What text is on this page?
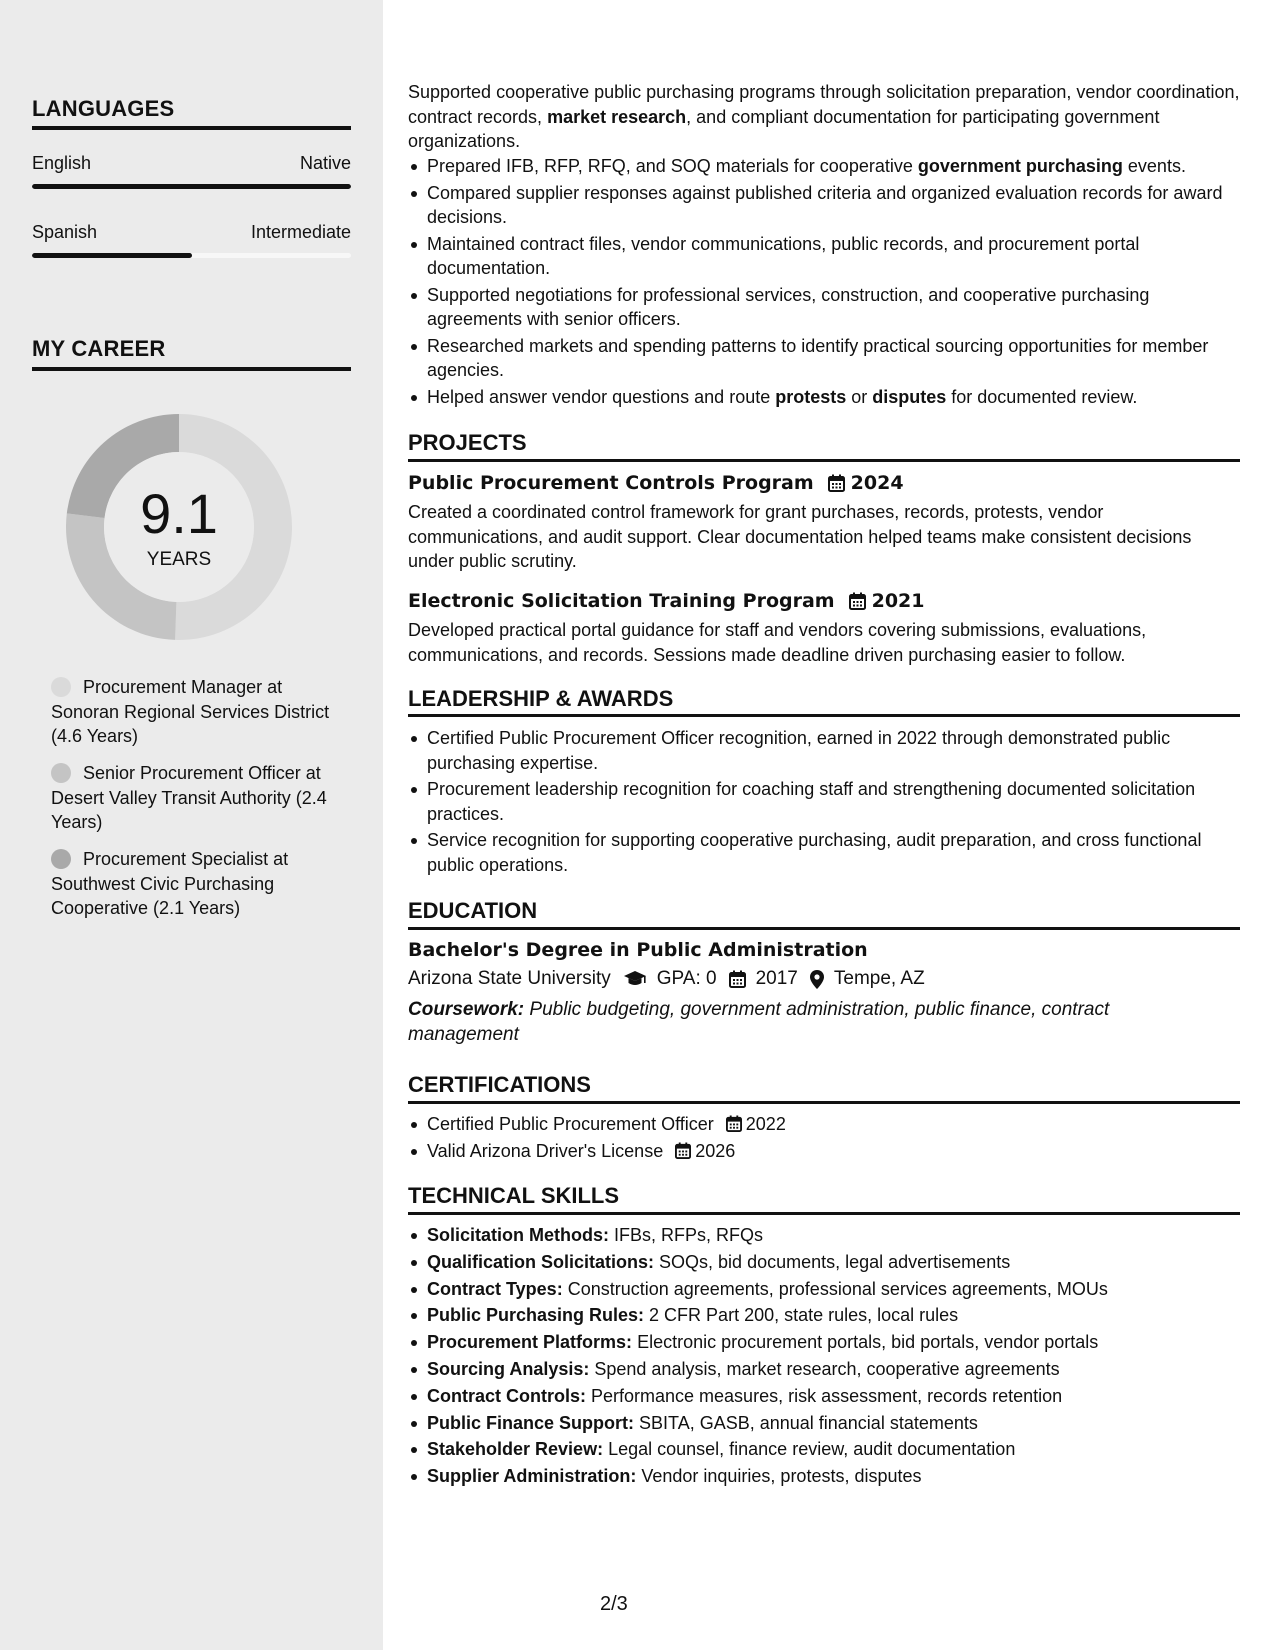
LANGUAGES
English	Native
Spanish	Intermediate
MY CAREER
9.1
YEARS
Procurement Manager at Sonoran Regional Services District (4.6 Years)
Senior Procurement Officer at Desert Valley Transit Authority (2.4 Years)
Procurement Specialist at Southwest Civic Purchasing Cooperative (2.1 Years)
Supported cooperative public purchasing programs through solicitation preparation, vendor coordination, contract records, market research, and compliant documentation for participating government organizations.
Prepared IFB, RFP, RFQ, and SOQ materials for cooperative government purchasing events.
Compared supplier responses against published criteria and organized evaluation records for award decisions.
Maintained contract files, vendor communications, public records, and procurement portal documentation.
Supported negotiations for professional services, construction, and cooperative purchasing agreements with senior officers.
Researched markets and spending patterns to identify practical sourcing opportunities for member agencies.
Helped answer vendor questions and route protests or disputes for documented review.
PROJECTS
Public Procurement Controls Program 2024
Created a coordinated control framework for grant purchases, records, protests, vendor communications, and audit support. Clear documentation helped teams make consistent decisions under public scrutiny.
Electronic Solicitation Training Program 2021
Developed practical portal guidance for staff and vendors covering submissions, evaluations, communications, and records. Sessions made deadline driven purchasing easier to follow.
LEADERSHIP & AWARDS
Certified Public Procurement Officer recognition, earned in 2022 through demonstrated public purchasing expertise.
Procurement leadership recognition for coaching staff and strengthening documented solicitation practices.
Service recognition for supporting cooperative purchasing, audit preparation, and cross functional public operations.
EDUCATION
Bachelor's Degree in Public Administration
Arizona State University GPA: 0 2017 Tempe, AZ
Coursework: Public budgeting, government administration, public finance, contract management
CERTIFICATIONS
Certified Public Procurement Officer 2022
Valid Arizona Driver's License 2026
TECHNICAL SKILLS
Solicitation Methods: IFBs, RFPs, RFQs
Qualification Solicitations: SOQs, bid documents, legal advertisements
Contract Types: Construction agreements, professional services agreements, MOUs
Public Purchasing Rules: 2 CFR Part 200, state rules, local rules
Procurement Platforms: Electronic procurement portals, bid portals, vendor portals
Sourcing Analysis: Spend analysis, market research, cooperative agreements
Contract Controls: Performance measures, risk assessment, records retention
Public Finance Support: SBITA, GASB, annual financial statements
Stakeholder Review: Legal counsel, finance review, audit documentation
Supplier Administration: Vendor inquiries, protests, disputes
2/3
